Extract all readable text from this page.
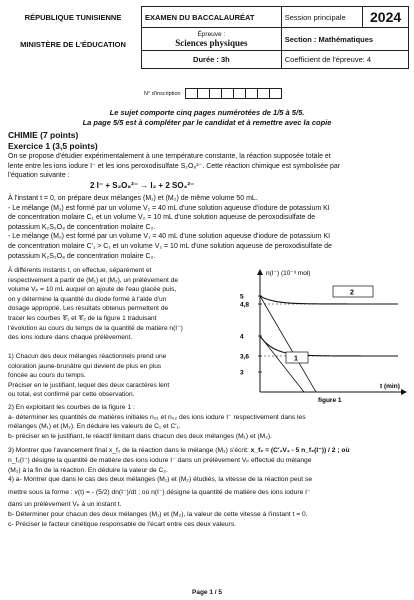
RÉPUBLIQUE TUNISIENNE
MINISTÈRE DE L'ÉDUCATION
EXAMEN DU BACCALAURÉAT	Session principale	2024

Épreuve :
Sciences physiques	Section : Mathématiques	
Durée : 3h	Coefficient de l'épreuve: 4	
N° d'inscription
Le sujet comporte cinq pages numérotées de 1/5 à 5/5.
La page 5/5 est à compléter par le candidat et à remettre avec la copie
CHIMIE (7 points)
Exercice 1 (3,5 points)
On se propose d'étudier expérimentalement à une température constante, la réaction supposée totale et
lente entre les ions iodure I⁻ et les ions peroxodisulfate S₂O₈²⁻. Cette réaction chimique est symbolisée par
l'équation suivante :
2 I⁻ + S₂O₈²⁻ → I₂ + 2 SO₄²⁻
À l'instant t = 0, on prépare deux mélanges (M₁) et (M₂) de même volume 50 mL.
- Le mélange (M₁) est formé par un volume V₁ = 40 mL d'une solution aqueuse d'iodure de potassium KI
de concentration molaire C₁ et un volume V₂ = 10 mL d'une solution aqueuse de peroxodisulfate de
potassium K₂S₂O₈ de concentration molaire C₂.
- Le mélange (M₂) est formé par un volume V₁ = 40 mL d'une solution aqueuse d'iodure de potassium KI
de concentration molaire C′₁ > C₁ et un volume V₂ = 10 mL d'une solution aqueuse de peroxodisulfate de
potassium K₂S₂O₈ de concentration molaire C₂.
À différents instants t, on effectue, séparément et
respectivement à partir de (M₁) et (M₂), un prélèvement de
volume Vₚ = 10 mL auquel on ajoute de l'eau glacée puis,
on y détermine la quantité du diode formé à l'aide d'un
dosage approprié. Les résultats obtenus permettent de
tracer les courbes 𝒞₁ et 𝒞₂ de la figure 1 traduisant
l'évolution au cours du temps de la quantité de matière n(I⁻)
des ions iodure dans chaque prélèvement.
1) Chacun des deux mélanges réactionnels prend une
coloration jaune-brunâtre qui devient de plus en plus
foncée au cours du temps.
Préciser en le justifiant, lequel des deux caractères lent
ou total, est confirmé par cette observation.
n(I⁻) (10⁻³ mol)
t (min)
figure 1
5
4,8
4
3,6
3
2
1
2) En exploitant les courbes de la figure 1 :
a- déterminer les quantités de matières initiales n₀₁ et n₀₂ des ions iodure I⁻ respectivement dans les
mélanges (M₁) et (M₂). En déduire les valeurs de C₁ et C′₁.
b- préciser en le justifiant, le réactif limitant dans chacun des deux mélanges (M₁) et (M₂).
3) Montrer que l'avancement final x_f₂ de la réaction dans le mélange (M₂) s'écrit: x_f₂ = (C′₁V₁ - 5 n_f₂(I⁻)) / 2 ; où
n_f₂(I⁻) désigne la quantité de matière des ions iodure I⁻ dans un prélèvement Vₚ effectué du mélange
(M₂) à la fin de la réaction. En déduire la valeur de C₂.
4) a- Montrer que dans le cas des deux mélanges (M₁) et (M₂) étudiés, la vitesse de la réaction peut se
mettre sous la forme : v(t) = - (5/2) dn(I⁻)/dt ; où n(I⁻) désigne la quantité de matière des ions iodure I⁻
dans un prélèvement Vₚ à un instant t.
b- Déterminer pour chacun des deux mélanges (M₁) et (M₂), la valeur de cette vitesse à l'instant t = 0.
c- Préciser le facteur cinétique responsable de l'écart entre ces deux valeurs.
Page 1 / 5
